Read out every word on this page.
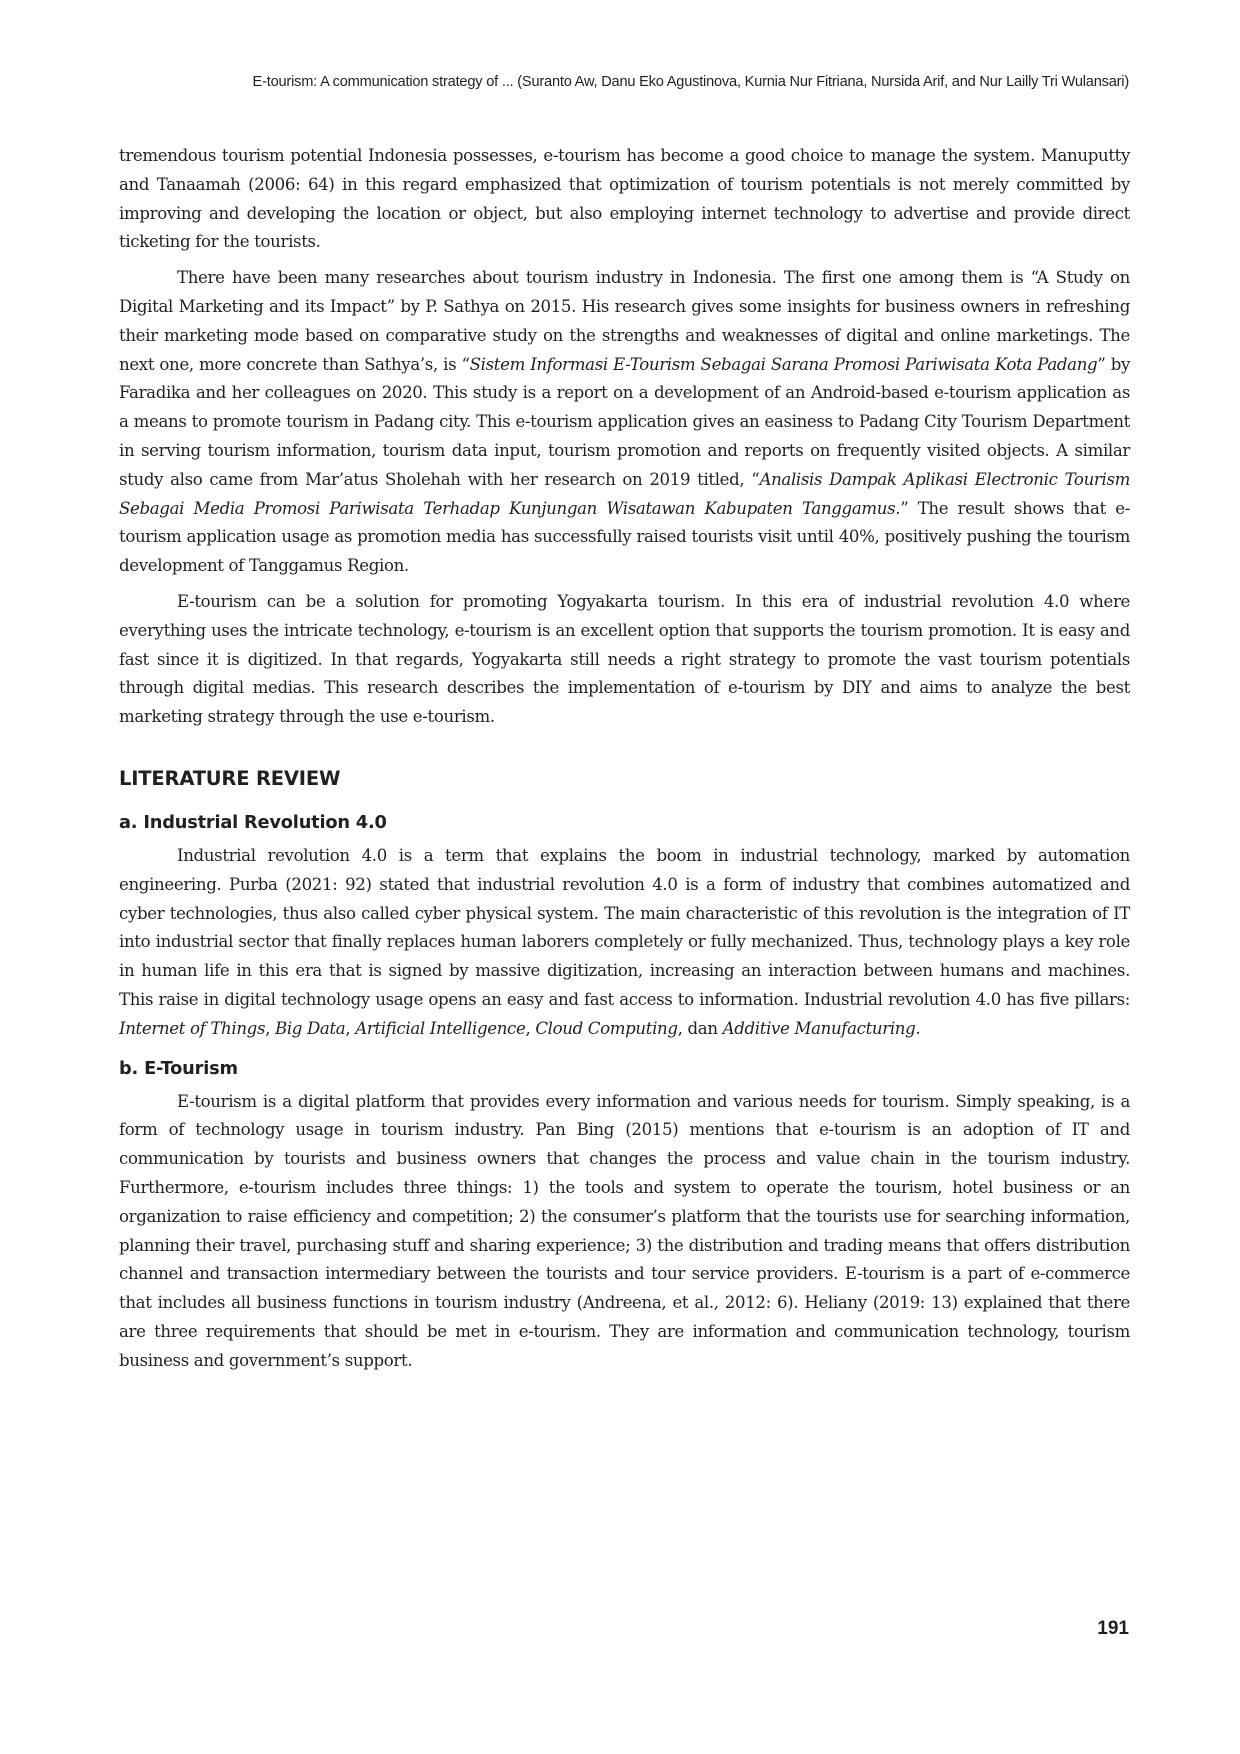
E-tourism: A communication strategy of ... (Suranto Aw, Danu Eko Agustinova, Kurnia Nur Fitriana, Nursida Arif, and Nur Lailly Tri Wulansari)

tremendous tourism potential Indonesia possesses, e-tourism has become a good choice to manage the system. Manuputty and Tanaamah (2006: 64) in this regard emphasized that optimization of tourism potentials is not merely committed by improving and developing the location or object, but also employing internet technology to advertise and provide direct ticketing for the tourists.

There have been many researches about tourism industry in Indonesia. The first one among them is “A Study on Digital Marketing and its Impact” by P. Sathya on 2015. His research gives some insights for business owners in refreshing their marketing mode based on comparative study on the strengths and weaknesses of digital and online marketings. The next one, more concrete than Sathya’s, is “Sistem Informasi E-Tourism Sebagai Sarana Promosi Pariwisata Kota Padang” by Faradika and her colleagues on 2020. This study is a report on a development of an Android-based e-tourism application as a means to promote tourism in Padang city. This e-tourism application gives an easiness to Padang City Tourism Department in serving tourism information, tourism data input, tourism promotion and reports on frequently visited objects. A similar study also came from Mar’atus Sholehah with her research on 2019 titled, “Analisis Dampak Aplikasi Electronic Tourism Sebagai Media Promosi Pariwisata Terhadap Kunjungan Wisatawan Kabupaten Tanggamus.” The result shows that e-tourism application usage as promotion media has successfully raised tourists visit until 40%, positively pushing the tourism development of Tanggamus Region.

E-tourism can be a solution for promoting Yogyakarta tourism. In this era of industrial revolution 4.0 where everything uses the intricate technology, e-tourism is an excellent option that supports the tourism promotion. It is easy and fast since it is digitized. In that regards, Yogyakarta still needs a right strategy to promote the vast tourism potentials through digital medias. This research describes the implementation of e-tourism by DIY and aims to analyze the best marketing strategy through the use e-tourism.

LITERATURE REVIEW
a. Industrial Revolution 4.0

Industrial revolution 4.0 is a term that explains the boom in industrial technology, marked by automation engineering. Purba (2021: 92) stated that industrial revolution 4.0 is a form of industry that combines automatized and cyber technologies, thus also called cyber physical system. The main characteristic of this revolution is the integration of IT into industrial sector that finally replaces human laborers completely or fully mechanized. Thus, technology plays a key role in human life in this era that is signed by massive digitization, increasing an interaction between humans and machines. This raise in digital technology usage opens an easy and fast access to information. Industrial revolution 4.0 has five pillars: Internet of Things, Big Data, Artificial Intelligence, Cloud Computing, dan Additive Manufacturing.

b. E-Tourism

E-tourism is a digital platform that provides every information and various needs for tourism. Simply speaking, is a form of technology usage in tourism industry. Pan Bing (2015) mentions that e-tourism is an adoption of IT and communication by tourists and business owners that changes the process and value chain in the tourism industry. Furthermore, e-tourism includes three things: 1) the tools and system to operate the tourism, hotel business or an organization to raise efficiency and competition; 2) the consumer’s platform that the tourists use for searching information, planning their travel, purchasing stuff and sharing experience; 3) the distribution and trading means that offers distribution channel and transaction intermediary between the tourists and tour service providers. E-tourism is a part of e-commerce that includes all business functions in tourism industry (Andreena, et al., 2012: 6). Heliany (2019: 13) explained that there are three requirements that should be met in e-tourism. They are information and communication technology, tourism business and government’s support.

191
